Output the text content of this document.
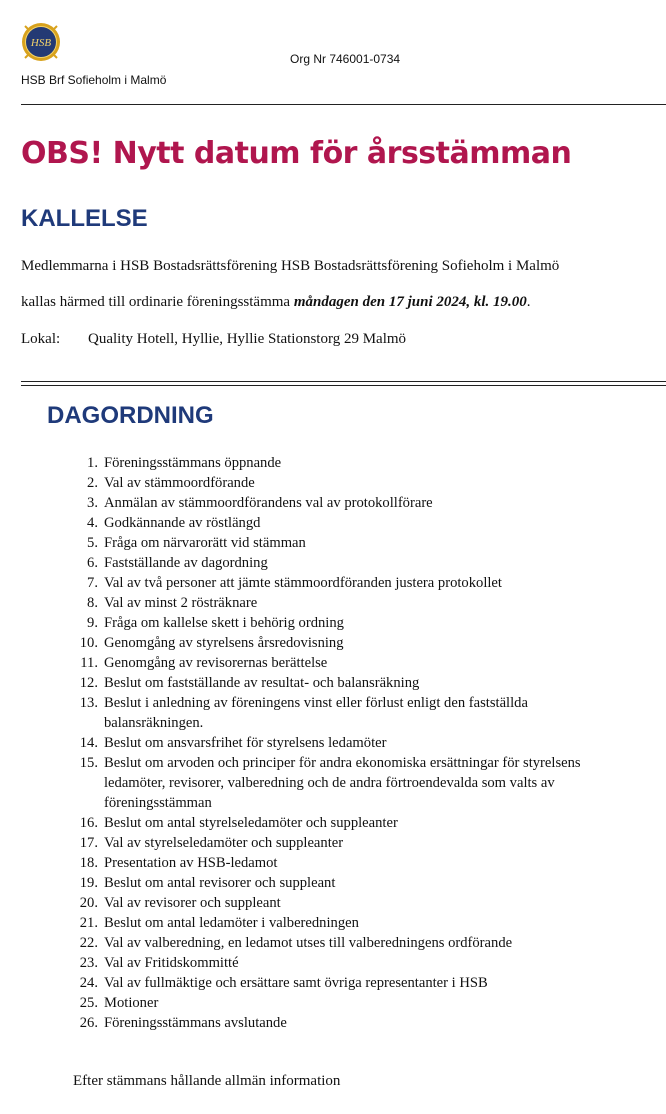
HSB
HSB Brf Sofieholm i Malmö
Org Nr 746001-0734
OBS! Nytt datum för årsstämman
KALLELSE
Medlemmarna i HSB Bostadsrättsförening HSB Bostadsrättsförening Sofieholm i Malmö
kallas härmed till ordinarie föreningsstämma måndagen den 17 juni 2024, kl. 19.00.
Lokal: Quality Hotell, Hyllie, Hyllie Stationstorg 29 Malmö
DAGORDNING
1. Föreningsstämmans öppnande
2. Val av stämmoordförande
3. Anmälan av stämmoordförandens val av protokollförare
4. Godkännande av röstlängd
5. Fråga om närvarorätt vid stämman
6. Fastställande av dagordning
7. Val av två personer att jämte stämmoordföranden justera protokollet
8. Val av minst 2 rösträknare
9. Fråga om kallelse skett i behörig ordning
10. Genomgång av styrelsens årsredovisning
11. Genomgång av revisorernas berättelse
12. Beslut om fastställande av resultat- och balansräkning
13. Beslut i anledning av föreningens vinst eller förlust enligt den fastställda
balansräkningen.
14. Beslut om ansvarsfrihet för styrelsens ledamöter
15. Beslut om arvoden och principer för andra ekonomiska ersättningar för styrelsens
ledamöter, revisorer, valberedning och de andra förtroendevalda som valts av
föreningsstämman
16. Beslut om antal styrelseledamöter och suppleanter
17. Val av styrelseledamöter och suppleanter
18. Presentation av HSB-ledamot
19. Beslut om antal revisorer och suppleant
20. Val av revisorer och suppleant
21. Beslut om antal ledamöter i valberedningen
22. Val av valberedning, en ledamot utses till valberedningens ordförande
23. Val av Fritidskommitté
24. Val av fullmäktige och ersättare samt övriga representanter i HSB
25. Motioner
26. Föreningsstämmans avslutande
Efter stämmans hållande allmän information
